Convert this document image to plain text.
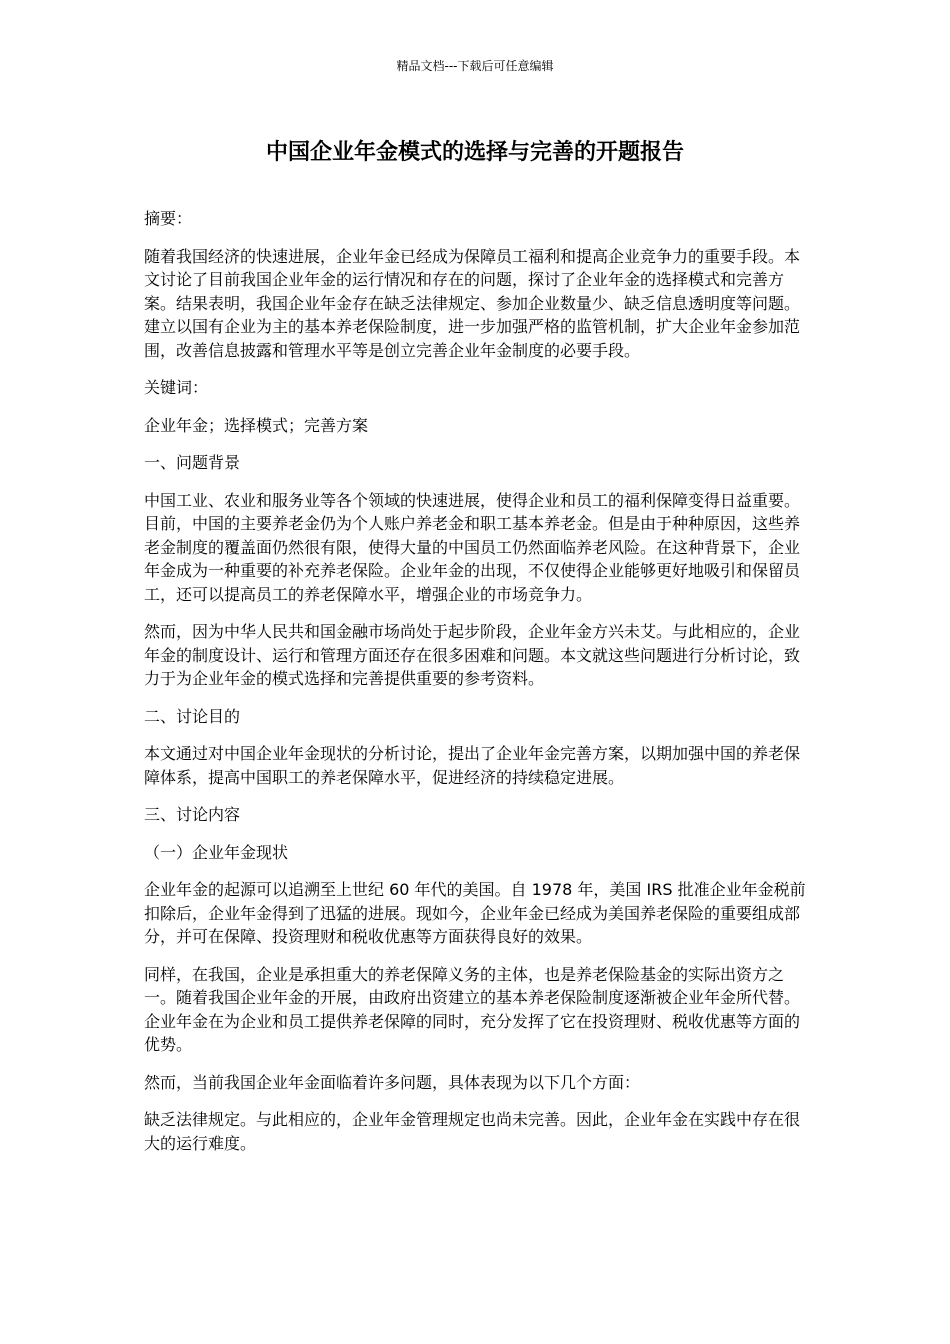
精品文档---下载后可任意编辑
中国企业年金模式的选择与完善的开题报告

摘要：

随着我国经济的快速进展，企业年金已经成为保障员工福利和提高企业竞争力的重要手段。本文讨论了目前我国企业年金的运行情况和存在的问题，探讨了企业年金的选择模式和完善方案。结果表明，我国企业年金存在缺乏法律规定、参加企业数量少、缺乏信息透明度等问题。建立以国有企业为主的基本养老保险制度，进一步加强严格的监管机制，扩大企业年金参加范围，改善信息披露和管理水平等是创立完善企业年金制度的必要手段。

关键词：

企业年金；选择模式；完善方案

一、问题背景

中国工业、农业和服务业等各个领域的快速进展，使得企业和员工的福利保障变得日益重要。目前，中国的主要养老金仍为个人账户养老金和职工基本养老金。但是由于种种原因，这些养老金制度的覆盖面仍然很有限，使得大量的中国员工仍然面临养老风险。在这种背景下，企业年金成为一种重要的补充养老保险。企业年金的出现，不仅使得企业能够更好地吸引和保留员工，还可以提高员工的养老保障水平，增强企业的市场竞争力。

然而，因为中华人民共和国金融市场尚处于起步阶段，企业年金方兴未艾。与此相应的，企业年金的制度设计、运行和管理方面还存在很多困难和问题。本文就这些问题进行分析讨论，致力于为企业年金的模式选择和完善提供重要的参考资料。

二、讨论目的

本文通过对中国企业年金现状的分析讨论，提出了企业年金完善方案，以期加强中国的养老保障体系，提高中国职工的养老保障水平，促进经济的持续稳定进展。

三、讨论内容

（一）企业年金现状

企业年金的起源可以追溯至上世纪 60 年代的美国。自 1978 年，美国 IRS 批准企业年金税前扣除后，企业年金得到了迅猛的进展。现如今，企业年金已经成为美国养老保险的重要组成部分，并可在保障、投资理财和税收优惠等方面获得良好的效果。

同样，在我国，企业是承担重大的养老保障义务的主体，也是养老保险基金的实际出资方之一。随着我国企业年金的开展，由政府出资建立的基本养老保险制度逐渐被企业年金所代替。企业年金在为企业和员工提供养老保障的同时，充分发挥了它在投资理财、税收优惠等方面的优势。

然而，当前我国企业年金面临着许多问题，具体表现为以下几个方面：

缺乏法律规定。与此相应的，企业年金管理规定也尚未完善。因此，企业年金在实践中存在很大的运行难度。
